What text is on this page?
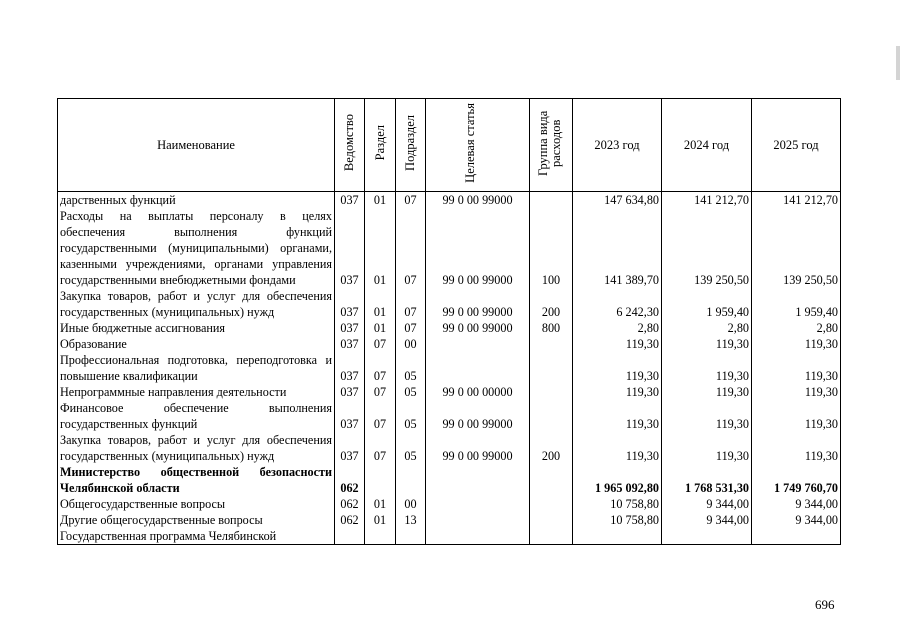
Наименование	Ведомство	Раздел	Подраздел	Целевая статья	Группа вида расходов	2023 год	2024 год	2025 год
дарственных функций	037	01	07	99 0 00 99000		147 634,80	141 212,70	141 212,70
Расходы на выплаты персоналу в целях обеспечения выполнения функций государственными (муниципальными) органами, казенными учреждениями, органами управления государственными внебюджетными фондами	037	01	07	99 0 00 99000	100	141 389,70	139 250,50	139 250,50
Закупка товаров, работ и услуг для обеспечения государственных (муниципальных) нужд	037	01	07	99 0 00 99000	200	6 242,30	1 959,40	1 959,40
Иные бюджетные ассигнования	037	01	07	99 0 00 99000	800	2,80	2,80	2,80
Образование	037	07	00			119,30	119,30	119,30
Профессиональная подготовка, переподготовка и повышение квалификации	037	07	05			119,30	119,30	119,30
Непрограммные направления деятельности	037	07	05	99 0 00 00000		119,30	119,30	119,30
Финансовое обеспечение выполнения государственных функций	037	07	05	99 0 00 99000		119,30	119,30	119,30
Закупка товаров, работ и услуг для обеспечения государственных (муниципальных) нужд	037	07	05	99 0 00 99000	200	119,30	119,30	119,30
Министерство общественной безопасности Челябинской области	062					1 965 092,80	1 768 531,30	1 749 760,70
Общегосударственные вопросы	062	01	00			10 758,80	9 344,00	9 344,00
Другие общегосударственные вопросы	062	01	13			10 758,80	9 344,00	9 344,00
Государственная программа Челябинской								
696
